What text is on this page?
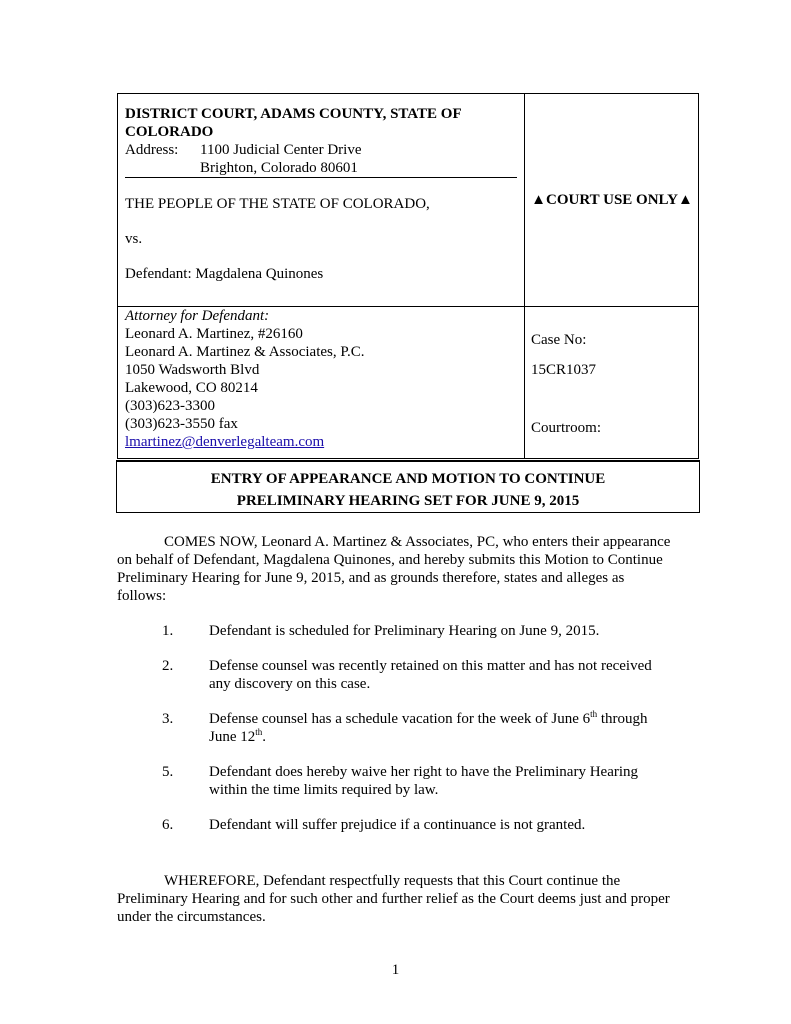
DISTRICT COURT, ADAMS COUNTY, STATE OF
COLORADO
Address:	1100 Judicial Center Drive
Brighton, Colorado 80601
THE PEOPLE OF THE STATE OF COLORADO,
vs.
Defendant: Magdalena Quinones
▲COURT USE ONLY▲
Attorney for Defendant:
Leonard A. Martinez, #26160
Leonard A. Martinez & Associates, P.C.
1050 Wadsworth Blvd
Lakewood, CO 80214
(303)623-3300
(303)623-3550 fax
lmartinez@denverlegalteam.com
Case No:
15CR1037
Courtroom:
ENTRY OF APPEARANCE AND MOTION TO CONTINUE
PRELIMINARY HEARING SET FOR JUNE 9, 2015
COMES NOW, Leonard A. Martinez & Associates, PC, who enters their appearance on behalf of Defendant, Magdalena Quinones, and hereby submits this Motion to Continue Preliminary Hearing for June 9, 2015, and as grounds therefore, states and alleges as follows:
1.	Defendant is scheduled for Preliminary Hearing on June 9, 2015.
2.	Defense counsel was recently retained on this matter and has not received any discovery on this case.
3.	Defense counsel has a schedule vacation for the week of June 6th through June 12th.
5.	Defendant does hereby waive her right to have the Preliminary Hearing within the time limits required by law.
6.	Defendant will suffer prejudice if a continuance is not granted.
WHEREFORE, Defendant respectfully requests that this Court continue the Preliminary Hearing and for such other and further relief as the Court deems just and proper under the circumstances.
1
